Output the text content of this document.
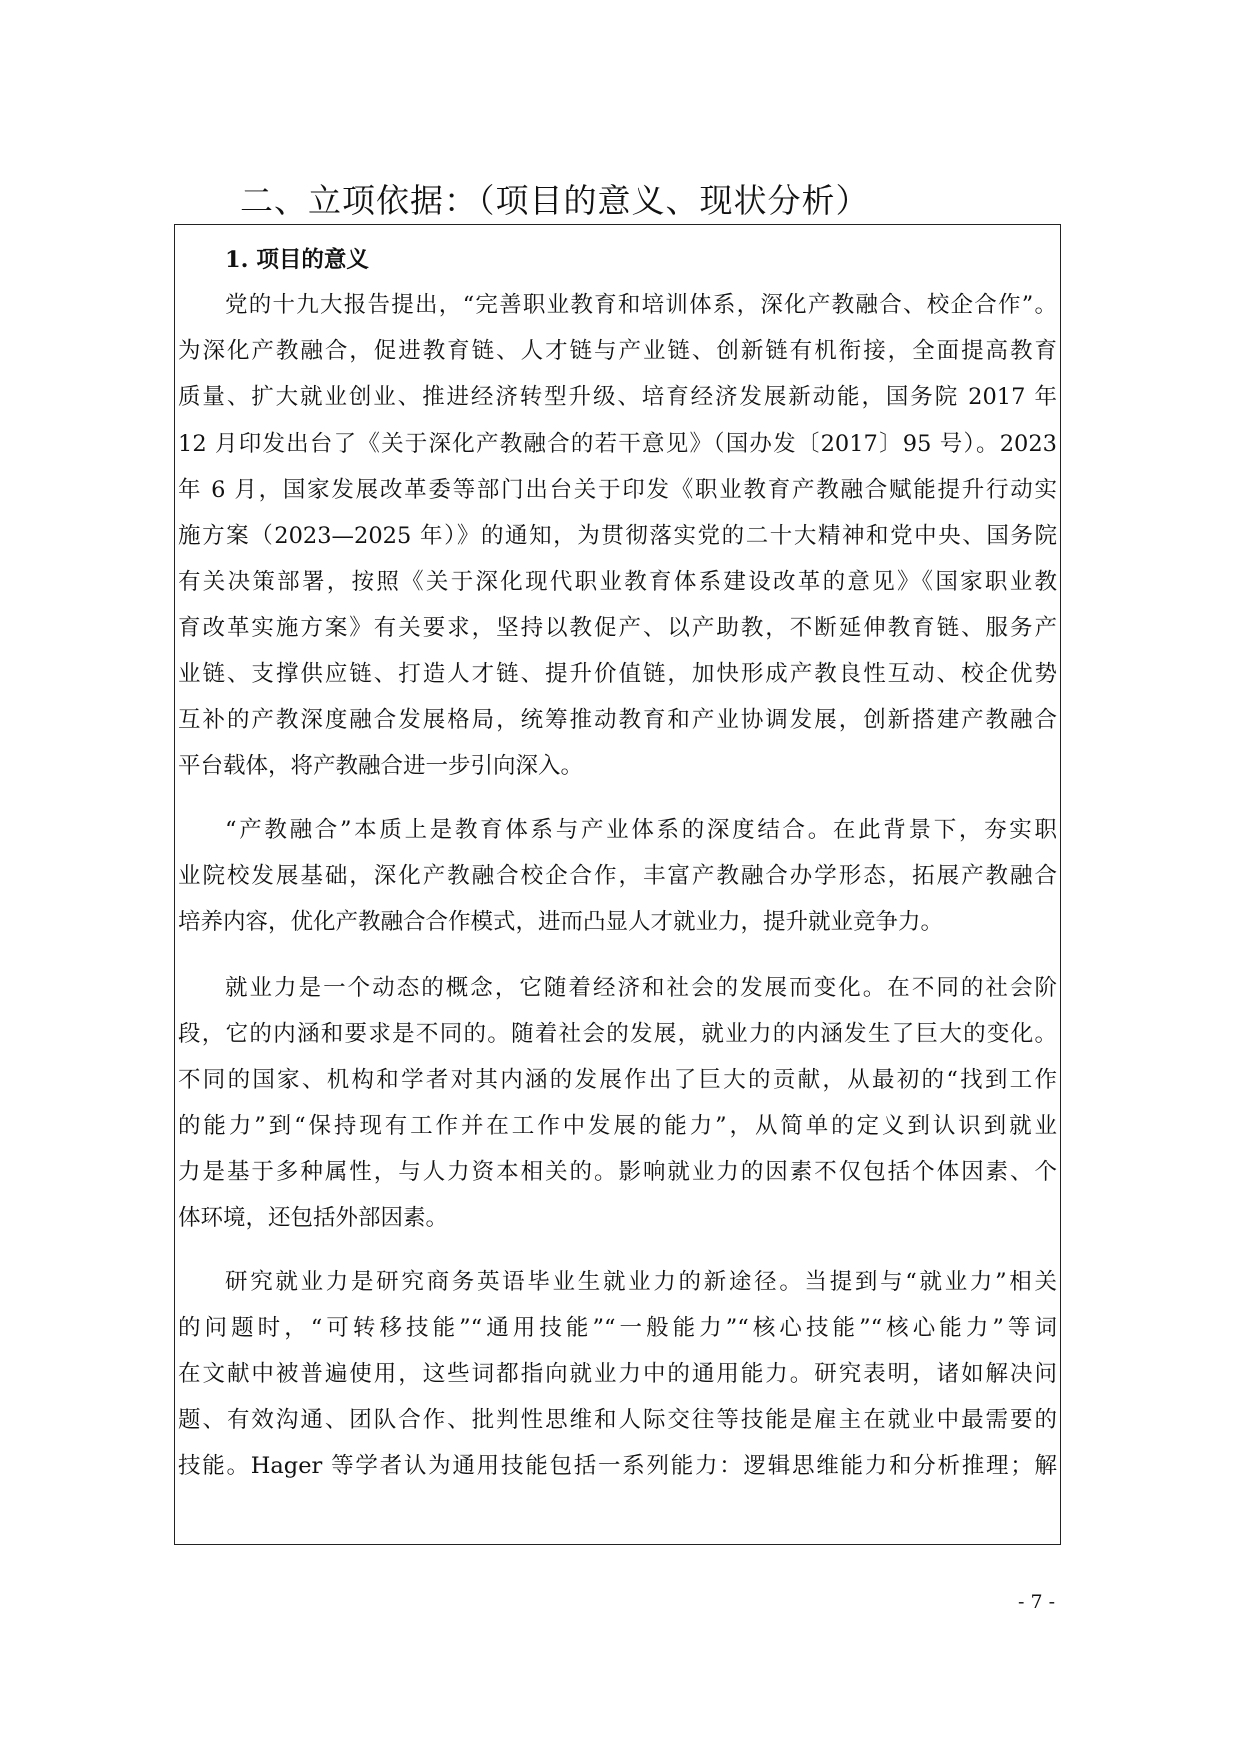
二、立项依据：（项目的意义、现状分析）
1. 项目的意义
党的十九大报告提出，“完善职业教育和培训体系，深化产教融合、校企合作”。
为深化产教融合，促进教育链、人才链与产业链、创新链有机衔接，全面提高教育
质量、扩大就业创业、推进经济转型升级、培育经济发展新动能，国务院 2017 年
12 月印发出台了《关于深化产教融合的若干意见》（国办发〔2017〕95 号）。2023
年 6 月，国家发展改革委等部门出台关于印发《职业教育产教融合赋能提升行动实
施方案（2023—2025 年）》的通知，为贯彻落实党的二十大精神和党中央、国务院
有关决策部署，按照《关于深化现代职业教育体系建设改革的意见》《国家职业教
育改革实施方案》有关要求，坚持以教促产、以产助教，不断延伸教育链、服务产
业链、支撑供应链、打造人才链、提升价值链，加快形成产教良性互动、校企优势
互补的产教深度融合发展格局，统筹推动教育和产业协调发展，创新搭建产教融合
平台载体，将产教融合进一步引向深入。
“产教融合”本质上是教育体系与产业体系的深度结合。在此背景下，夯实职
业院校发展基础，深化产教融合校企合作，丰富产教融合办学形态，拓展产教融合
培养内容，优化产教融合合作模式，进而凸显人才就业力，提升就业竞争力。
就业力是一个动态的概念，它随着经济和社会的发展而变化。在不同的社会阶
段，它的内涵和要求是不同的。随着社会的发展，就业力的内涵发生了巨大的变化。
不同的国家、机构和学者对其内涵的发展作出了巨大的贡献，从最初的“找到工作
的能力”到“保持现有工作并在工作中发展的能力”，从简单的定义到认识到就业
力是基于多种属性，与人力资本相关的。影响就业力的因素不仅包括个体因素、个
体环境，还包括外部因素。
研究就业力是研究商务英语毕业生就业力的新途径。当提到与“就业力”相关
的问题时，“可转移技能”“通用技能”“一般能力”“核心技能”“核心能力”等词
在文献中被普遍使用，这些词都指向就业力中的通用能力。研究表明，诸如解决问
题、有效沟通、团队合作、批判性思维和人际交往等技能是雇主在就业中最需要的
技能。Hager 等学者认为通用技能包括一系列能力：逻辑思维能力和分析推理；解
- 7 -
